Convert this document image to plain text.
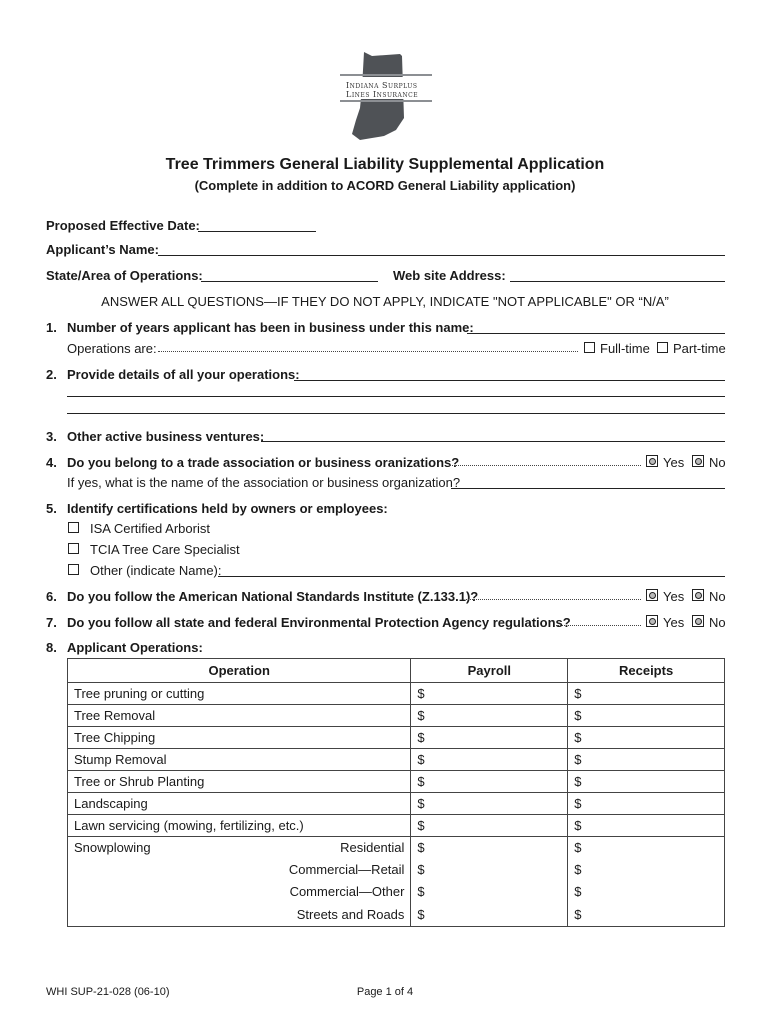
Indiana Surplus
Lines Insurance
Tree Trimmers General Liability Supplemental Application
(Complete in addition to ACORD General Liability application)
Proposed Effective Date:
Applicant’s Name:
State/Area of Operations:	Web site Address:
ANSWER ALL QUESTIONS—IF THEY DO NOT APPLY, INDICATE "NOT APPLICABLE" OR “N/A”
1. Number of years applicant has been in business under this name:
Operations are:	Full-time Part-time
2. Provide details of all your operations:
3. Other active business ventures:
4. Do you belong to a trade association or business oranizations?	Yes No
If yes, what is the name of the association or business organization?
5. Identify certifications held by owners or employees:
ISA Certified Arborist
TCIA Tree Care Specialist
Other (indicate Name):
6. Do you follow the American National Standards Institute (Z.133.1)?	Yes No
7. Do you follow all state and federal Environmental Protection Agency regulations?	Yes No
8. Applicant Operations:
Operation	Payroll	Receipts
Tree pruning or cutting	$	$
Tree Removal	$	$
Tree Chipping	$	$
Stump Removal	$	$
Tree or Shrub Planting	$	$
Landscaping	$	$
Lawn servicing (mowing, fertilizing, etc.)	$	$
Snowplowing Residential	$	$
Commercial—Retail	$	$
Commercial—Other	$	$
Streets and Roads	$	$
WHI SUP-21-028 (06-10)	Page 1 of 4
